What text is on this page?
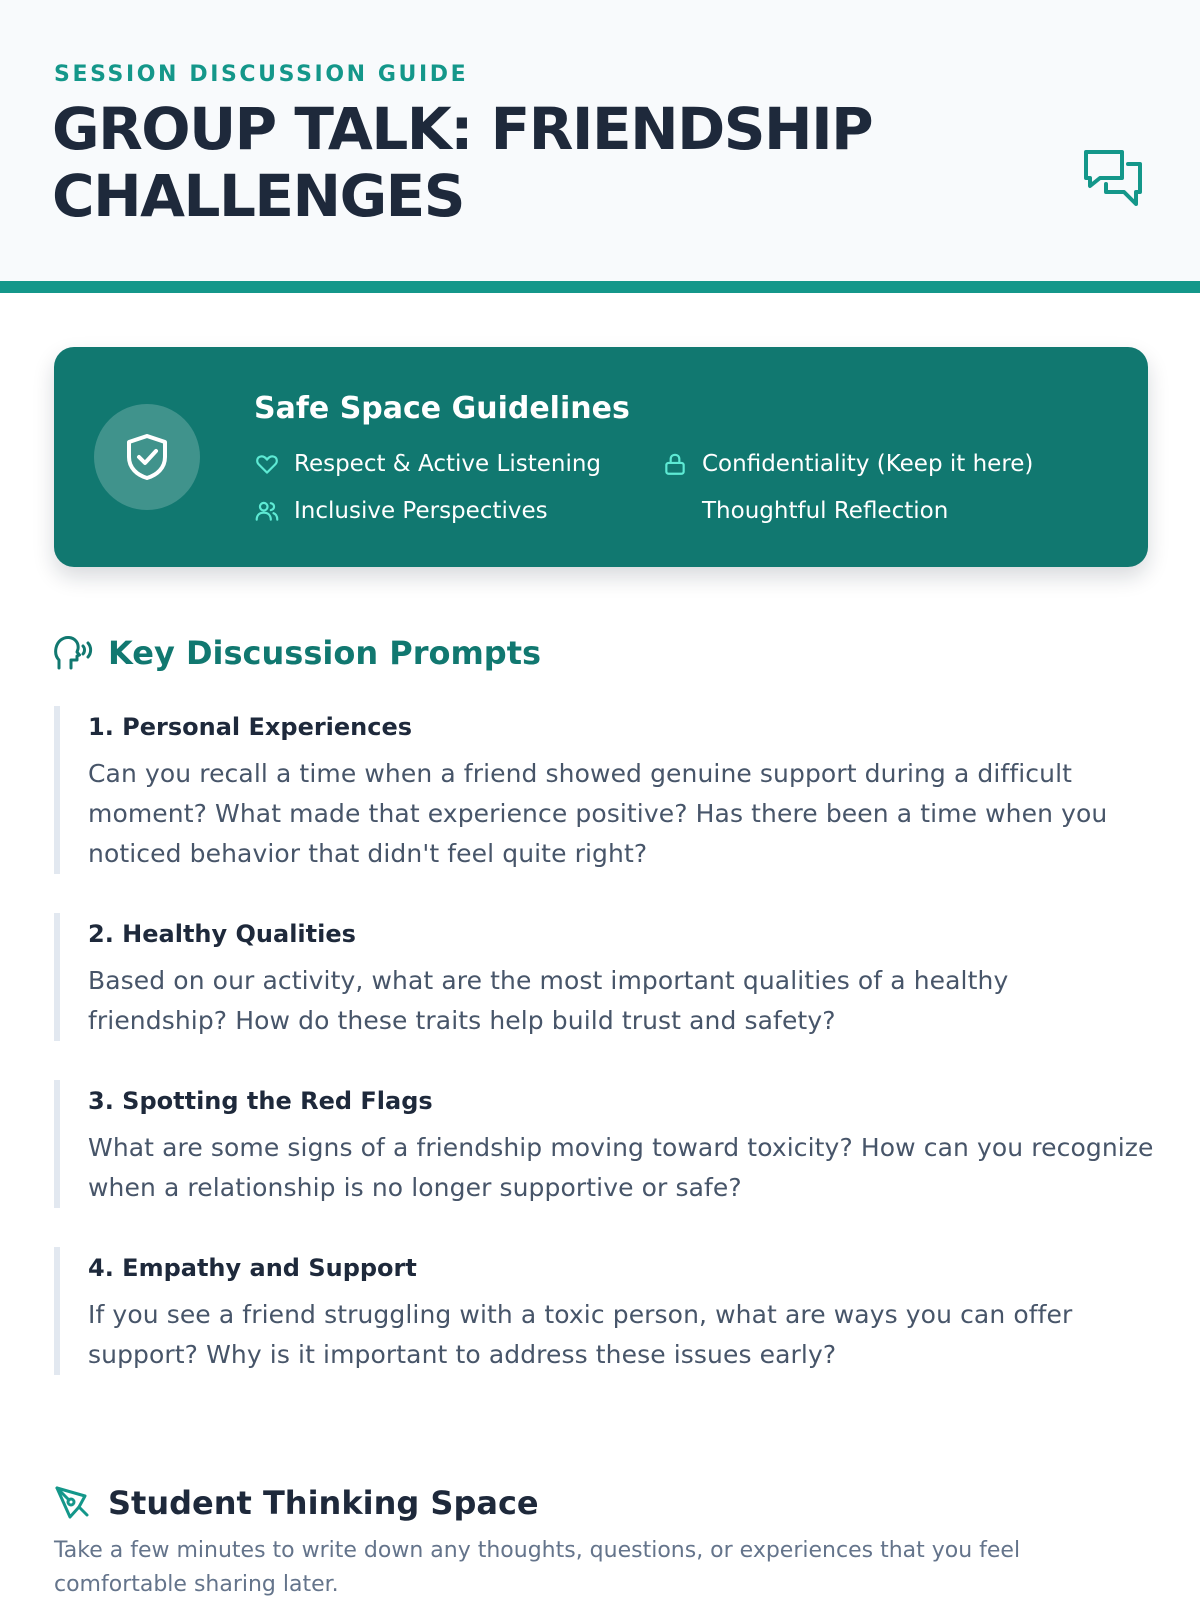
SESSION DISCUSSION GUIDE
GROUP TALK: FRIENDSHIP CHALLENGES
Safe Space Guidelines
Respect & Active Listening	Confidentiality (Keep it here)
Inclusive Perspectives	Thoughtful Reflection
Key Discussion Prompts
1. Personal Experiences
Can you recall a time when a friend showed genuine support during a difficult moment? What made that experience positive? Has there been a time when you noticed behavior that didn't feel quite right?
2. Healthy Qualities
Based on our activity, what are the most important qualities of a healthy friendship? How do these traits help build trust and safety?
3. Spotting the Red Flags
What are some signs of a friendship moving toward toxicity? How can you recognize when a relationship is no longer supportive or safe?
4. Empathy and Support
If you see a friend struggling with a toxic person, what are ways you can offer support? Why is it important to address these issues early?
Student Thinking Space

Take a few minutes to write down any thoughts, questions, or experiences that you feel comfortable sharing later.
